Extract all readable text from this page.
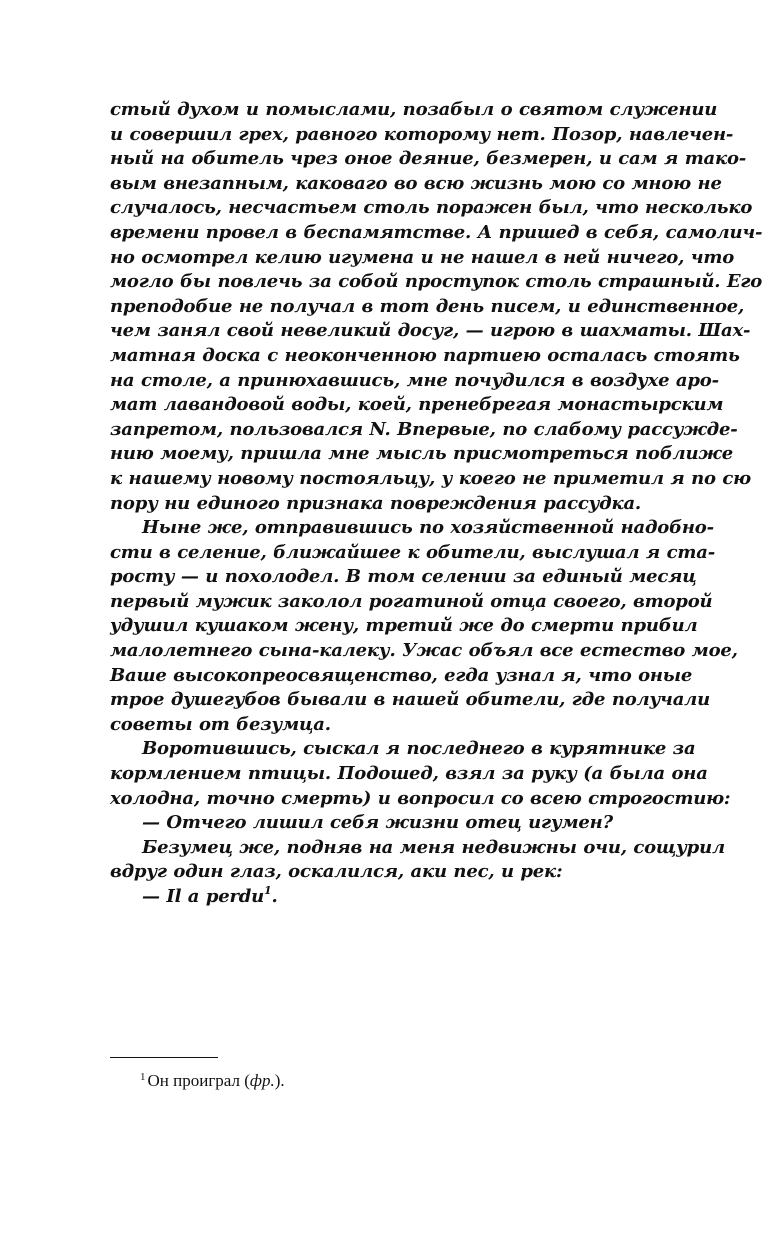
стый духом и помыслами, позабыл о святом служении
и совершил грех, равного которому нет. Позор, навлечен-
ный на обитель чрез оное деяние, безмерен, и сам я тако-
вым внезапным, каковаго во всю жизнь мою со мною не
случалось, несчастьем столь поражен был, что несколько
времени провел в беспамятстве. А пришед в себя, самолич-
но осмотрел келию игумена и не нашел в ней ничего, что
могло бы повлечь за собой проступок столь страшный. Его
преподобие не получал в тот день писем, и единственное,
чем занял свой невеликий досуг, — игрою в шахматы. Шах-
матная доска с неоконченною партиею осталась стоять
на столе, а принюхавшись, мне почудился в воздухе аро-
мат лавандовой воды, коей, пренебрегая монастырским
запретом, пользовался N. Впервые, по слабому рассужде-
нию моему, пришла мне мысль присмотреться поближе
к нашему новому постояльцу, у коего не приметил я по сю
пору ни единого признака повреждения рассудка.

Ныне же, отправившись по хозяйственной надобно-
сти в селение, ближайшее к обители, выслушал я ста-
росту — и похолодел. В том селении за единый месяц
первый мужик заколол рогатиной отца своего, второй
удушил кушаком жену, третий же до смерти прибил
малолетнего сына-калеку. Ужас объял все естество мое,
Ваше высокопреосвященство, егда узнал я, что оные
трое душегубов бывали в нашей обители, где получали
советы от безумца.

Воротившись, сыскал я последнего в курятнике за
кормлением птицы. Подошед, взял за руку (а была она
холодна, точно смерть) и вопросил со всею строгостию:

— Отчего лишил себя жизни отец игумен?

Безумец же, подняв на меня недвижны очи, сощурил
вдруг один глаз, оскалился, аки пес, и рек:

— Il a perdu$^1$.

$^1$ Он проиграл (фр.).
